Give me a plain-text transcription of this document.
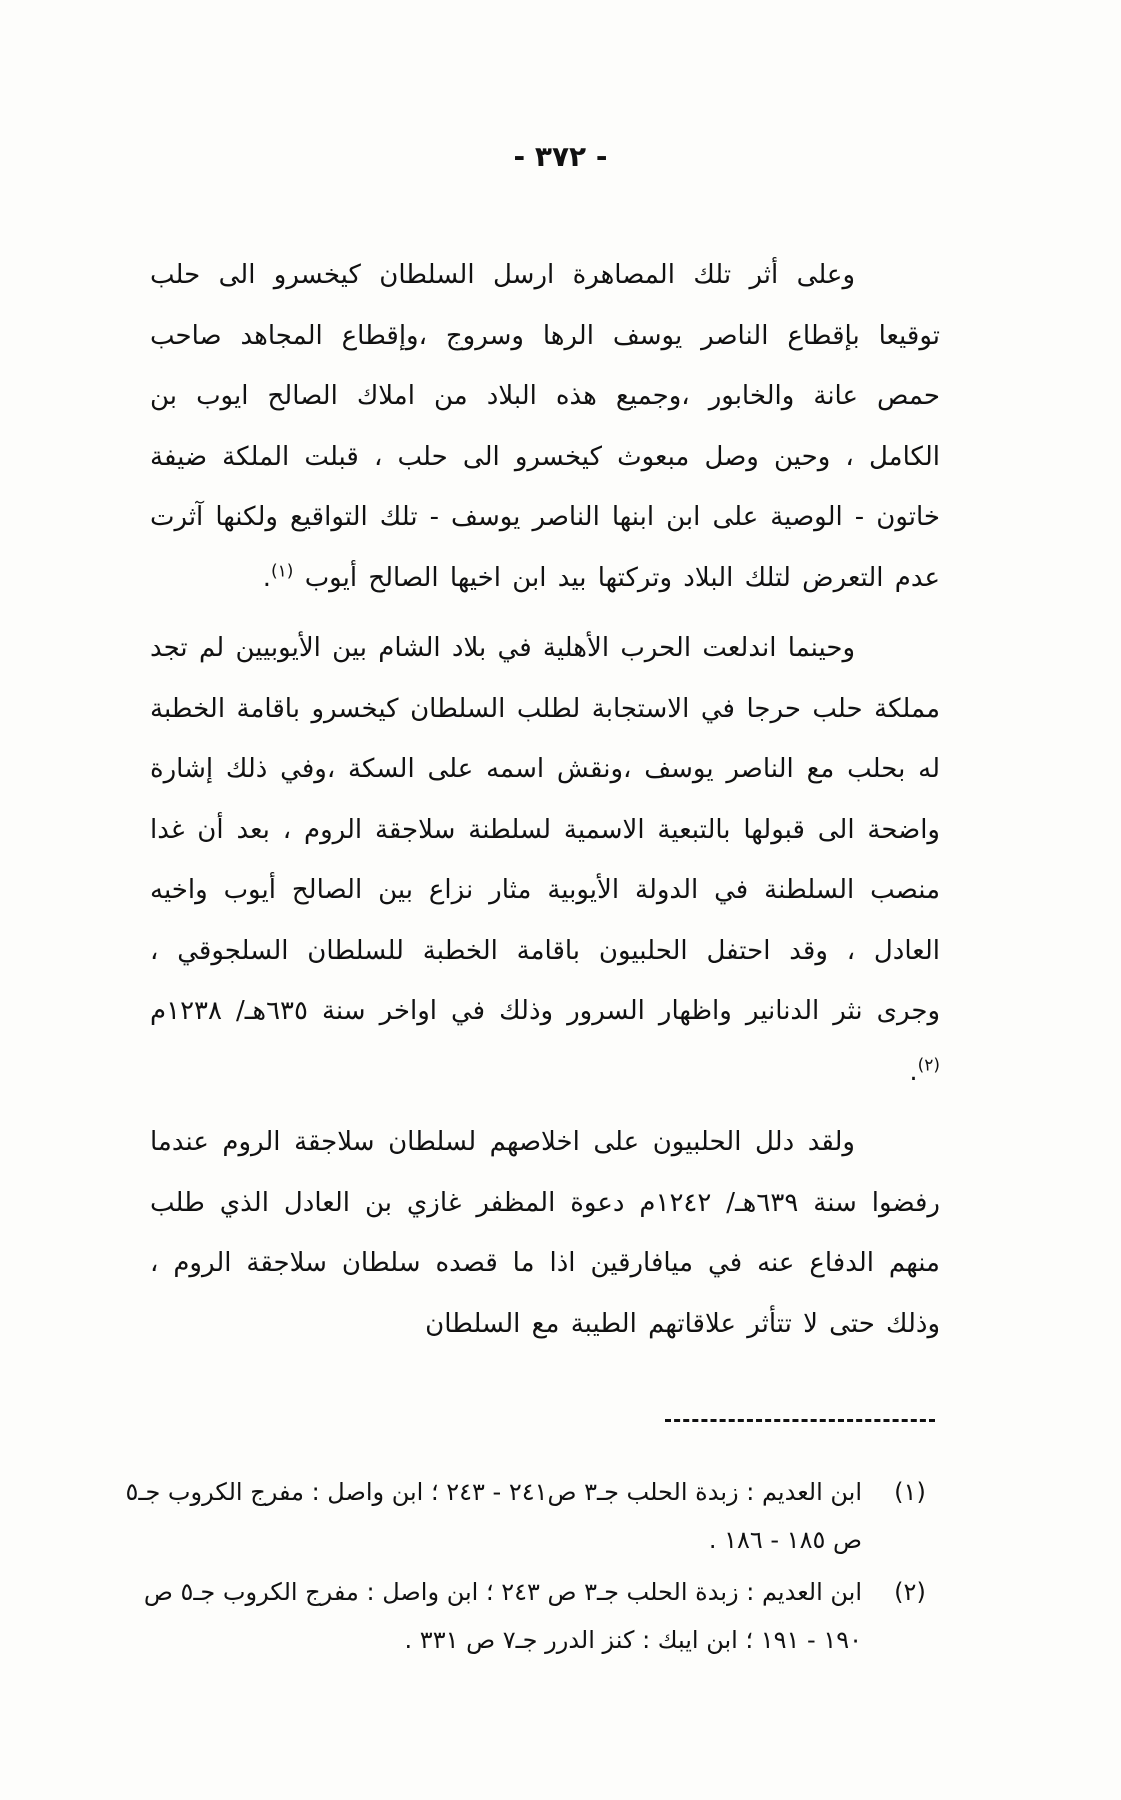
- ٣٧٢ -

وعلى أثر تلك المصاهرة ارسل السلطان كيخسرو الى حلب توقيعا بإقطاع الناصر يوسف الرها وسروج ،وإقطاع المجاهد صاحب حمص عانة والخابور ،وجميع هذه البلاد من املاك الصالح ايوب بن الكامل ، وحين وصل مبعوث كيخسرو الى حلب ، قبلت الملكة ضيفة خاتون - الوصية على ابن ابنها الناصر يوسف - تلك التواقيع ولكنها آثرت عدم التعرض لتلك البلاد وتركتها بيد ابن اخيها الصالح أيوب $^{(١)}$.

وحينما اندلعت الحرب الأهلية في بلاد الشام بين الأيوبيين لم تجد مملكة حلب حرجا في الاستجابة لطلب السلطان كيخسرو باقامة الخطبة له بحلب مع الناصر يوسف ،ونقش اسمه على السكة ،وفي ذلك إشارة واضحة الى قبولها بالتبعية الاسمية لسلطنة سلاجقة الروم ، بعد أن غدا منصب السلطنة في الدولة الأيوبية مثار نزاع بين الصالح أيوب واخيه العادل ، وقد احتفل الحلبيون باقامة الخطبة للسلطان السلجوقي ، وجرى نثر الدنانير واظهار السرور وذلك في اواخر سنة ٦٣٥هـ/ ١٢٣٨م $^{(٢)}$.

ولقد دلل الحلبيون على اخلاصهم لسلطان سلاجقة الروم عندما رفضوا سنة ٦٣٩هـ/ ١٢٤٢م دعوة المظفر غازي بن العادل الذي طلب منهم الدفاع عنه في ميافارقين اذا ما قصده سلطان سلاجقة الروم ، وذلك حتى لا تتأثر علاقاتهم الطيبة مع السلطان

(١)
ابن العديم : زبدة الحلب جـ٣ ص٢٤١ - ٢٤٣ ؛ ابن واصل : مفرج الكروب جـ٥ ص ١٨٥ - ١٨٦ .
(٢)
ابن العديم : زبدة الحلب جـ٣ ص ٢٤٣ ؛ ابن واصل : مفرج الكروب جـ٥ ص ١٩٠ - ١٩١ ؛ ابن ايبك : كنز الدرر جـ٧ ص ٣٣١ .
